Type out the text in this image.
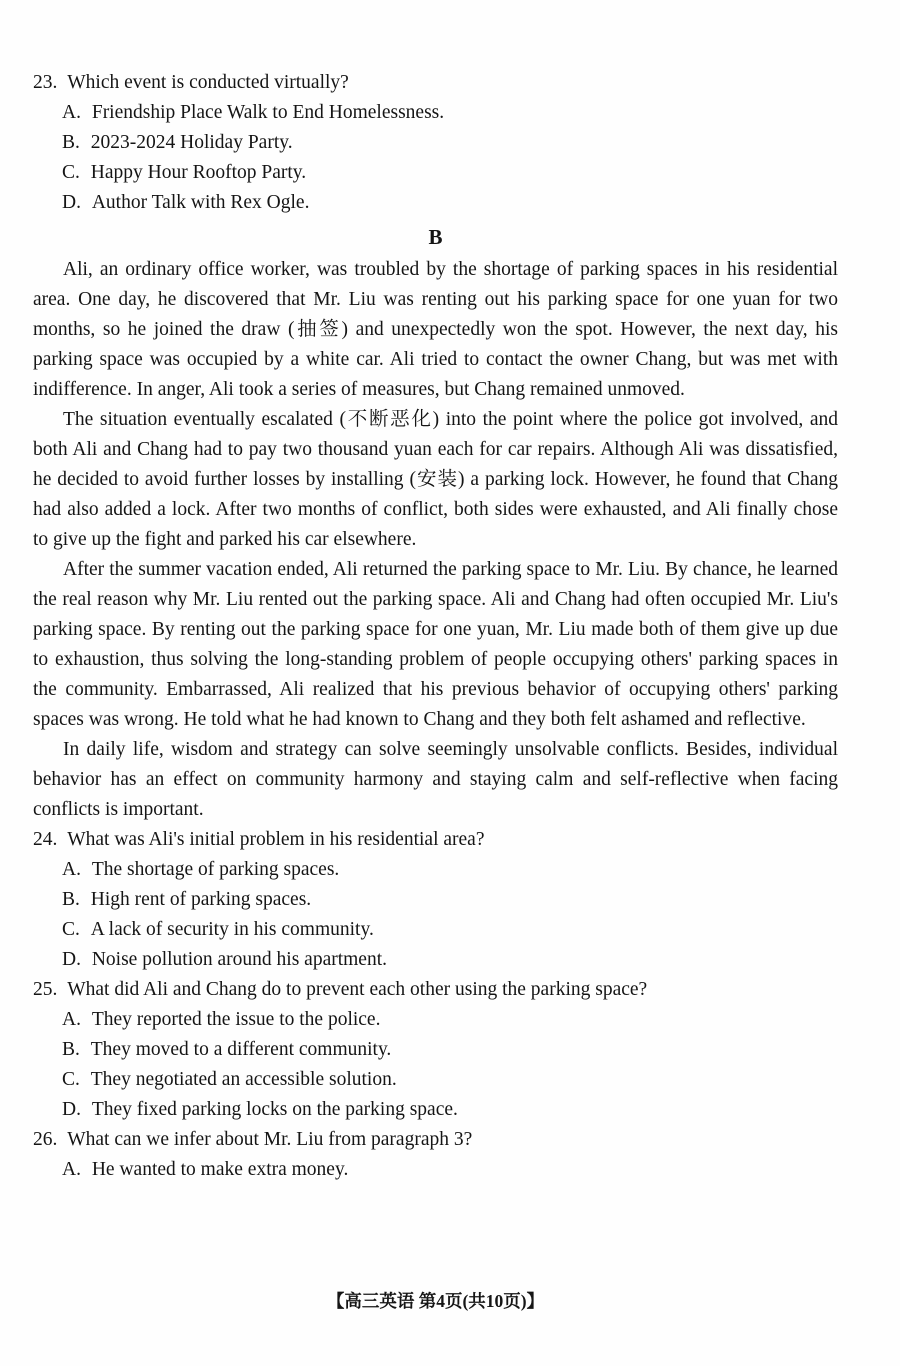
23. Which event is conducted virtually?
A. Friendship Place Walk to End Homelessness.
B. 2023-2024 Holiday Party.
C. Happy Hour Rooftop Party.
D. Author Talk with Rex Ogle.
B

Ali, an ordinary office worker, was troubled by the shortage of parking spaces in his residential area. One day, he discovered that Mr. Liu was renting out his parking space for one yuan for two months, so he joined the draw (抽签) and unexpectedly won the spot. However, the next day, his parking space was occupied by a white car. Ali tried to contact the owner Chang, but was met with indifference. In anger, Ali took a series of measures, but Chang remained unmoved.

The situation eventually escalated (不断恶化) into the point where the police got involved, and both Ali and Chang had to pay two thousand yuan each for car repairs. Although Ali was dissatisfied, he decided to avoid further losses by installing (安装) a parking lock. However, he found that Chang had also added a lock. After two months of conflict, both sides were exhausted, and Ali finally chose to give up the fight and parked his car elsewhere.

After the summer vacation ended, Ali returned the parking space to Mr. Liu. By chance, he learned the real reason why Mr. Liu rented out the parking space. Ali and Chang had often occupied Mr. Liu's parking space. By renting out the parking space for one yuan, Mr. Liu made both of them give up due to exhaustion, thus solving the long-standing problem of people occupying others' parking spaces in the community. Embarrassed, Ali realized that his previous behavior of occupying others' parking spaces was wrong. He told what he had known to Chang and they both felt ashamed and reflective.

In daily life, wisdom and strategy can solve seemingly unsolvable conflicts. Besides, individual behavior has an effect on community harmony and staying calm and self-reflective when facing conflicts is important.

24. What was Ali's initial problem in his residential area?
A. The shortage of parking spaces.
B. High rent of parking spaces.
C. A lack of security in his community.
D. Noise pollution around his apartment.
25. What did Ali and Chang do to prevent each other using the parking space?
A. They reported the issue to the police.
B. They moved to a different community.
C. They negotiated an accessible solution.
D. They fixed parking locks on the parking space.
26. What can we infer about Mr. Liu from paragraph 3?
A. He wanted to make extra money.
【高三英语 第4页(共10页)】
